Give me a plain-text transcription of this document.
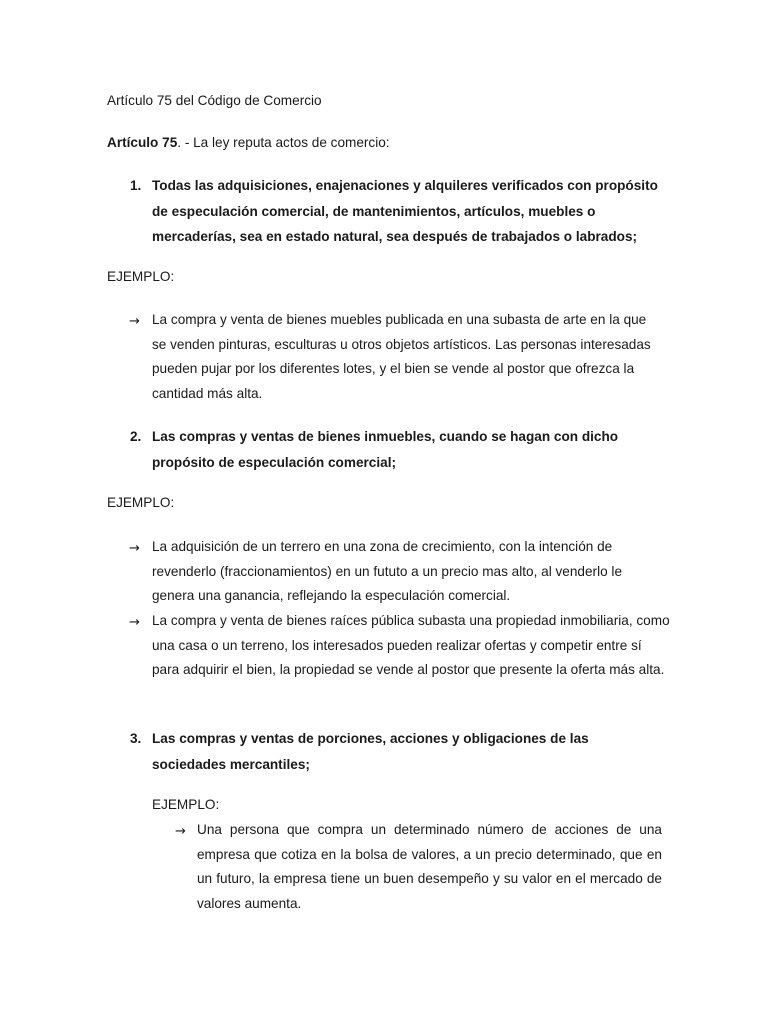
Artículo 75 del Código de Comercio
Artículo 75. - La ley reputa actos de comercio:
1. Todas las adquisiciones, enajenaciones y alquileres verificados con propósito de especulación comercial, de mantenimientos, artículos, muebles o mercaderías, sea en estado natural, sea después de trabajados o labrados;
EJEMPLO:
→ La compra y venta de bienes muebles publicada en una subasta de arte en la que se venden pinturas, esculturas u otros objetos artísticos. Las personas interesadas pueden pujar por los diferentes lotes, y el bien se vende al postor que ofrezca la cantidad más alta.
2. Las compras y ventas de bienes inmuebles, cuando se hagan con dicho propósito de especulación comercial;
EJEMPLO:
→ La adquisición de un terrero en una zona de crecimiento, con la intención de revenderlo (fraccionamientos) en un fututo a un precio mas alto, al venderlo le genera una ganancia, reflejando la especulación comercial.
→ La compra y venta de bienes raíces pública subasta una propiedad inmobiliaria, como una casa o un terreno, los interesados pueden realizar ofertas y competir entre sí para adquirir el bien, la propiedad se vende al postor que presente la oferta más alta.
3. Las compras y ventas de porciones, acciones y obligaciones de las sociedades mercantiles;
EJEMPLO:
→ Una persona que compra un determinado número de acciones de una empresa que cotiza en la bolsa de valores, a un precio determinado, que en un futuro, la empresa tiene un buen desempeño y su valor en el mercado de valores aumenta.
